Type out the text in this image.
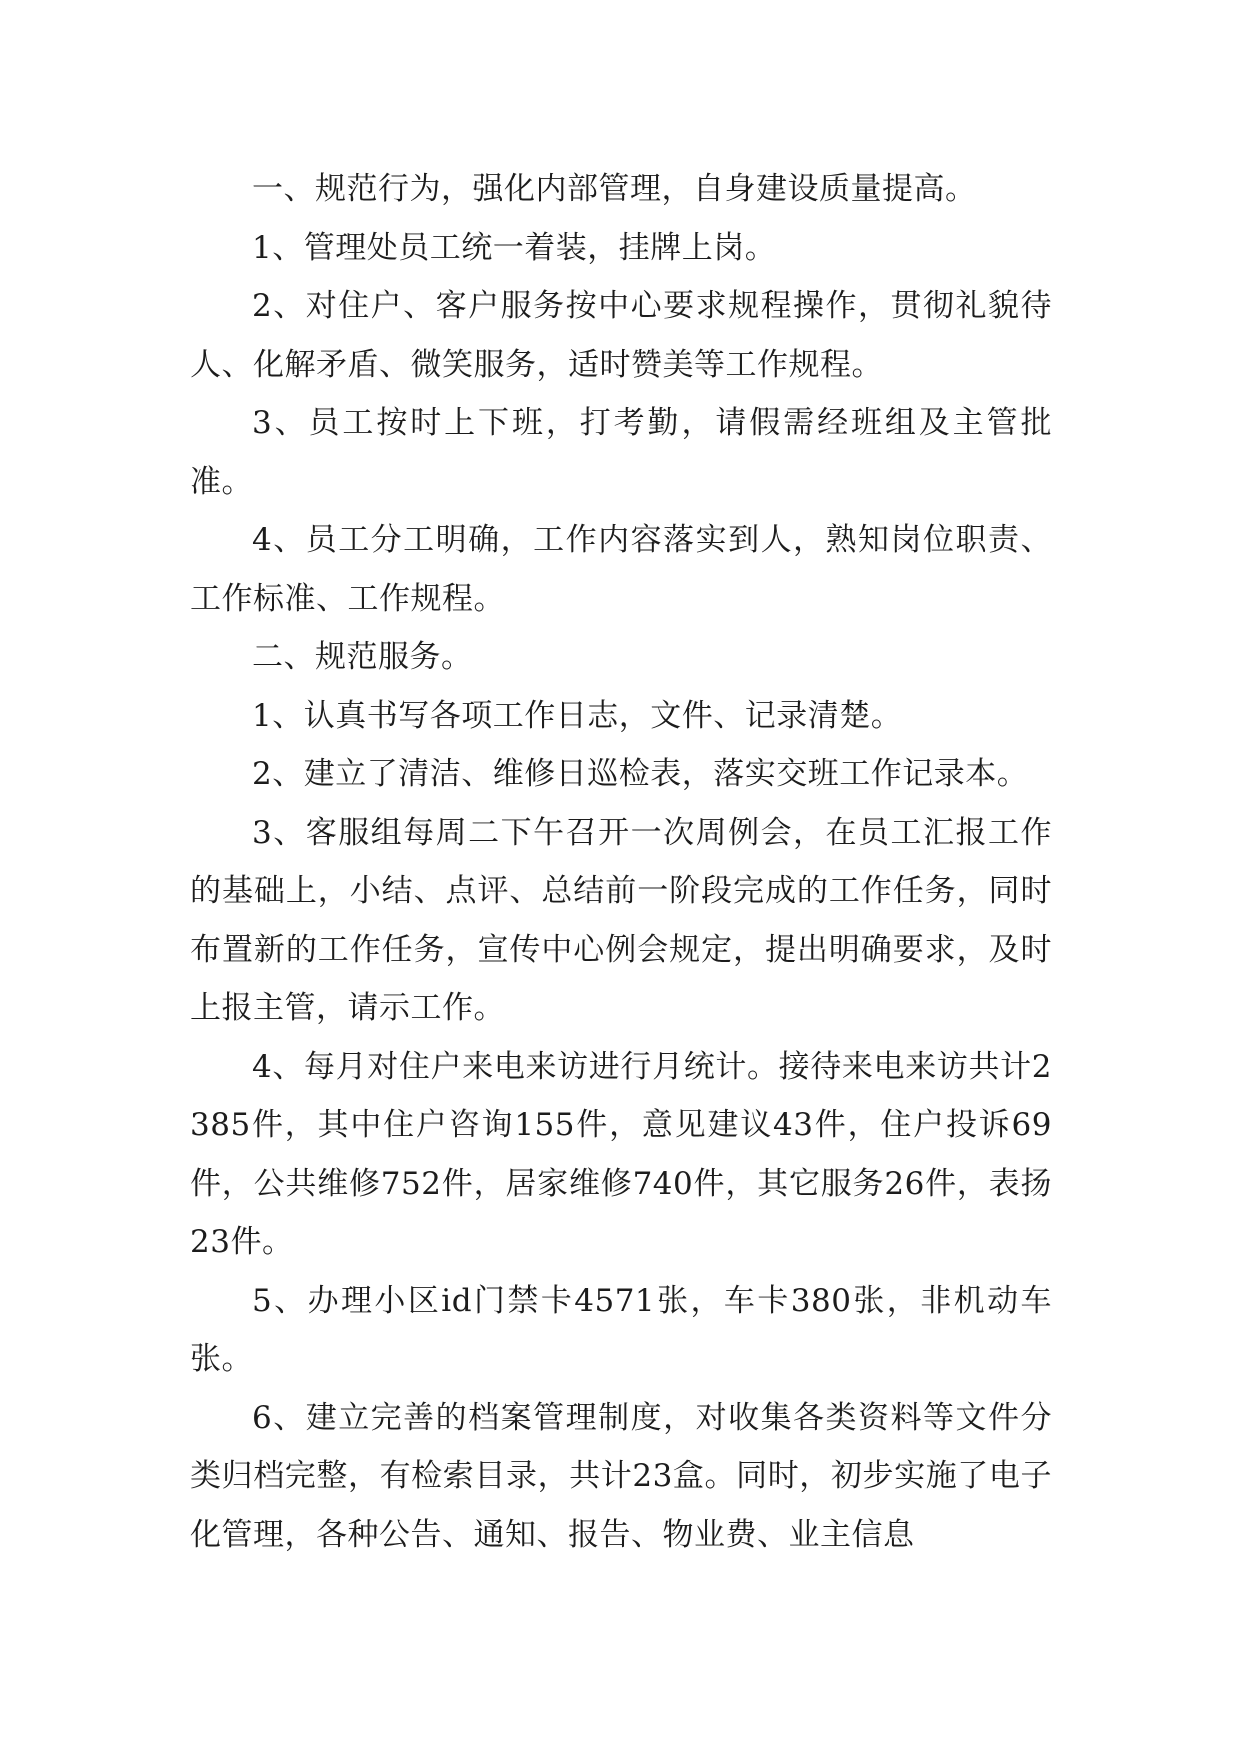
一、规范行为，强化内部管理，自身建设质量提高。

1、管理处员工统一着装，挂牌上岗。

2、对住户、客户服务按中心要求规程操作，贯彻礼貌待人、化解矛盾、微笑服务，适时赞美等工作规程。

3、员工按时上下班，打考勤，请假需经班组及主管批准。

4、员工分工明确，工作内容落实到人，熟知岗位职责、工作标准、工作规程。

二、规范服务。

1、认真书写各项工作日志，文件、记录清楚。

2、建立了清洁、维修日巡检表，落实交班工作记录本。

3、客服组每周二下午召开一次周例会，在员工汇报工作的基础上，小结、点评、总结前一阶段完成的工作任务，同时布置新的工作任务，宣传中心例会规定，提出明确要求，及时上报主管，请示工作。

4、每月对住户来电来访进行月统计。接待来电来访共计2385件，其中住户咨询155件，意见建议43件，住户投诉69件，公共维修752件，居家维修740件，其它服务26件，表扬23件。

5、办理小区id门禁卡4571张，车卡380张，非机动车张。

6、建立完善的档案管理制度，对收集各类资料等文件分类归档完整，有检索目录，共计23盒。同时，初步实施了电子化管理，各种公告、通知、报告、物业费、业主信息
